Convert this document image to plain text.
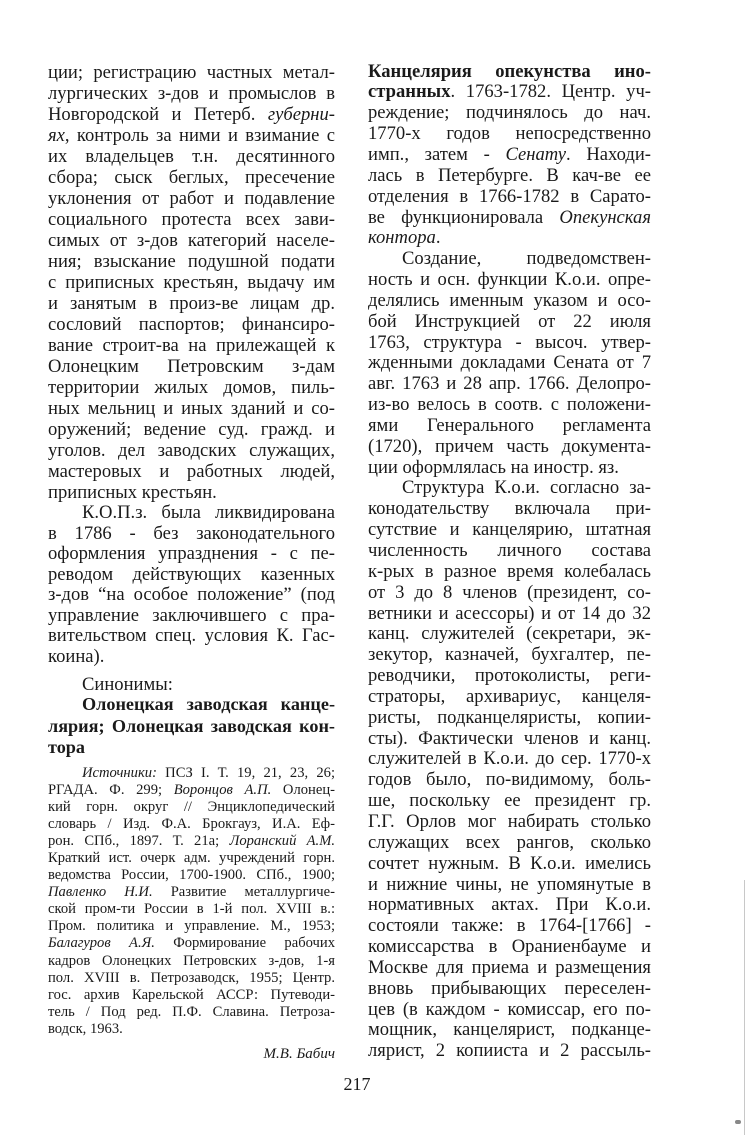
ции; регистрацию частных метал-
лургических з-дов и промыслов в
Новгородской и Петерб. губерни-
ях, контроль за ними и взимание с
их владельцев т.н. десятинного
сбора; сыск беглых, пресечение
уклонения от работ и подавление
социального протеста всех зави-
симых от з-дов категорий населе-
ния; взыскание подушной подати
с приписных крестьян, выдачу им
и занятым в произ-ве лицам др.
сословий паспортов; финансиро-
вание строит-ва на прилежащей к
Олонецким Петровским з-дам
территории жилых домов, пиль-
ных мельниц и иных зданий и со-
оружений; ведение суд. гражд. и
уголов. дел заводских служащих,
мастеровых и работных людей,
приписных крестьян.
К.О.П.з. была ликвидирована
в 1786 - без законодательного
оформления упразднения - с пе-
реводом действующих казенных
з-дов “на особое положение” (под
управление заключившего с пра-
вительством спец. условия К. Гас-
коина).
Синонимы:
Олонецкая заводская канце-
лярия; Олонецкая заводская кон-
тора
Источники: ПСЗ I. Т. 19, 21, 23, 26;
РГАДА. Ф. 299; Воронцов А.П. Олонец-
кий горн. округ // Энциклопедический
словарь / Изд. Ф.А. Брокгауз, И.А. Еф-
рон. СПб., 1897. Т. 21а; Лоранский А.М.
Краткий ист. очерк адм. учреждений горн.
ведомства России, 1700-1900. СПб., 1900;
Павленко Н.И. Развитие металлургиче-
ской пром-ти России в 1-й пол. XVIII в.:
Пром. политика и управление. М., 1953;
Балагуров А.Я. Формирование рабочих
кадров Олонецких Петровских з-дов, 1-я
пол. XVIII в. Петрозаводск, 1955; Центр.
гос. архив Карельской АССР: Путеводи-
тель / Под ред. П.Ф. Славина. Петроза-
водск, 1963.
М.В. Бабич
Канцелярия опекунства ино-
странных. 1763-1782. Центр. уч-
реждение; подчинялось до нач.
1770-х годов непосредственно
имп., затем - Сенату. Находи-
лась в Петербурге. В кач-ве ее
отделения в 1766-1782 в Сарато-
ве функционировала Опекунская
контора.
Создание, подведомствен-
ность и осн. функции К.о.и. опре-
делялись именным указом и осо-
бой Инструкцией от 22 июля
1763, структура - высоч. утвер-
жденными докладами Сената от 7
авг. 1763 и 28 апр. 1766. Делопро-
из-во велось в соотв. с положени-
ями Генерального регламента
(1720), причем часть документа-
ции оформлялась на иностр. яз.
Структура К.о.и. согласно за-
конодательству включала при-
сутствие и канцелярию, штатная
численность личного состава
к-рых в разное время колебалась
от 3 до 8 членов (президент, со-
ветники и асессоры) и от 14 до 32
канц. служителей (секретари, эк-
зекутор, казначей, бухгалтер, пе-
реводчики, протоколисты, реги-
страторы, архивариус, канцеля-
ристы, подканцеляристы, копии-
сты). Фактически членов и канц.
служителей в К.о.и. до сер. 1770-х
годов было, по-видимому, боль-
ше, поскольку ее президент гр.
Г.Г. Орлов мог набирать столько
служащих всех рангов, сколько
сочтет нужным. В К.о.и. имелись
и нижние чины, не упомянутые в
нормативных актах. При К.о.и.
состояли также: в 1764-[1766] -
комиссарства в Ораниенбауме и
Москве для приема и размещения
вновь прибывающих переселен-
цев (в каждом - комиссар, его по-
мощник, канцелярист, подканце-
лярист, 2 копииста и 2 рассыль-
217
